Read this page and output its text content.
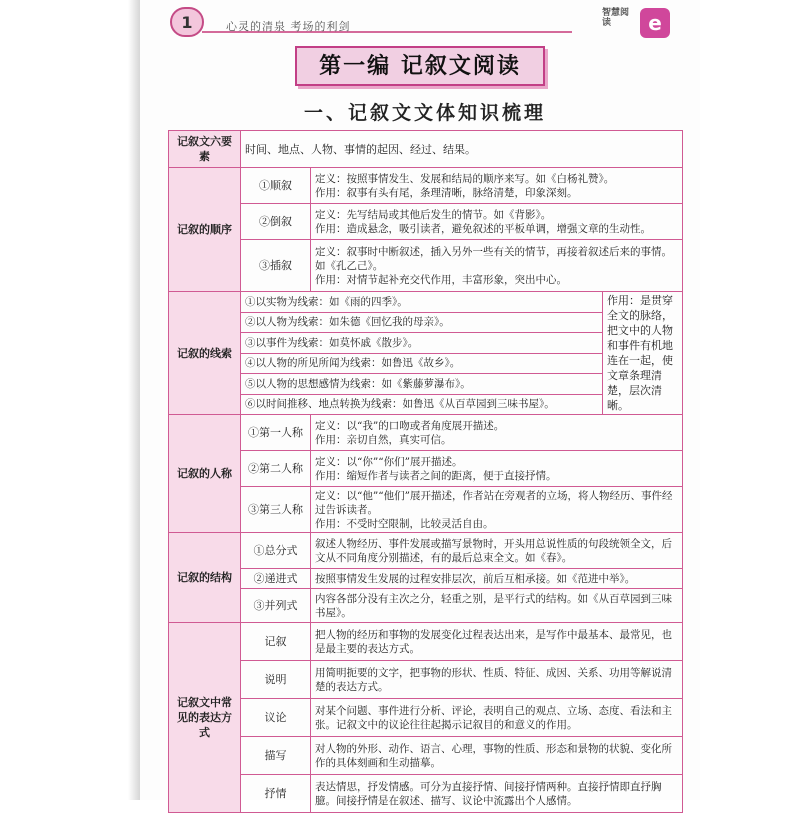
1	心灵的清泉 考场的利剑
智慧阅读	e
第一编 记叙文阅读
一、记叙文文体知识梳理
记叙文六要素	时间、地点、人物、事情的起因、经过、结果。		
记叙的顺序	①顺叙	定义：按照事情发生、发展和结局的顺序来写。如《白杨礼赞》。
作用：叙事有头有尾，条理清晰，脉络清楚，印象深刻。	

	②倒叙	定义：先写结局或其他后发生的情节。如《背影》。
作用：造成悬念，吸引读者，避免叙述的平板单调，增强文章的生动性。	

	③插叙	定义：叙事时中断叙述，插入另外一些有关的情节，再接着叙述后来的事情。如《孔乙己》。
作用：对情节起补充交代作用，丰富形象，突出中心。	

记叙的线索	①以实物为线索：如《雨的四季》。		作用：是贯穿全文的脉络，把文中的人物和事件有机地连在一起，使文章条理清楚，层次清晰。
	②以人物为线索：如朱德《回忆我的母亲》。		
	③以事件为线索：如莫怀戚《散步》。		
	④以人物的所见所闻为线索：如鲁迅《故乡》。		
	⑤以人物的思想感情为线索：如《紫藤萝瀑布》。		
	⑥以时间推移、地点转换为线索：如鲁迅《从百草园到三味书屋》。		
记叙的人称	①第一人称	定义：以“我”的口吻或者角度展开描述。
作用：亲切自然，真实可信。	

	②第二人称	定义：以“你”“你们”展开描述。
作用：缩短作者与读者之间的距离，便于直接抒情。	

	③第三人称	定义：以“他”“他们”展开描述，作者站在旁观者的立场，将人物经历、事件经过告诉读者。
作用：不受时空限制，比较灵活自由。	

记叙的结构	①总分式	叙述人物经历、事件发展或描写景物时，开头用总说性质的句段统领全文，后文从不同角度分别描述，有的最后总束全文。如《春》。	
	②递进式	按照事情发生发展的过程安排层次，前后互相承接。如《范进中举》。	
	③并列式	内容各部分没有主次之分，轻重之别，是平行式的结构。如《从百草园到三味书屋》。	
记叙文中常见的表达方式	记叙	把人物的经历和事物的发展变化过程表达出来，是写作中最基本、最常见，也是最主要的表达方式。	
	说明	用简明扼要的文字，把事物的形状、性质、特征、成因、关系、功用等解说清楚的表达方式。	
	议论	对某个问题、事件进行分析、评论，表明自己的观点、立场、态度、看法和主张。记叙文中的议论往往起揭示记叙目的和意义的作用。	
	描写	对人物的外形、动作、语言、心理，事物的性质、形态和景物的状貌、变化所作的具体刻画和生动描摹。	
	抒情	表达情思，抒发情感。可分为直接抒情、间接抒情两种。直接抒情即直抒胸臆。间接抒情是在叙述、描写、议论中流露出个人感情。	
